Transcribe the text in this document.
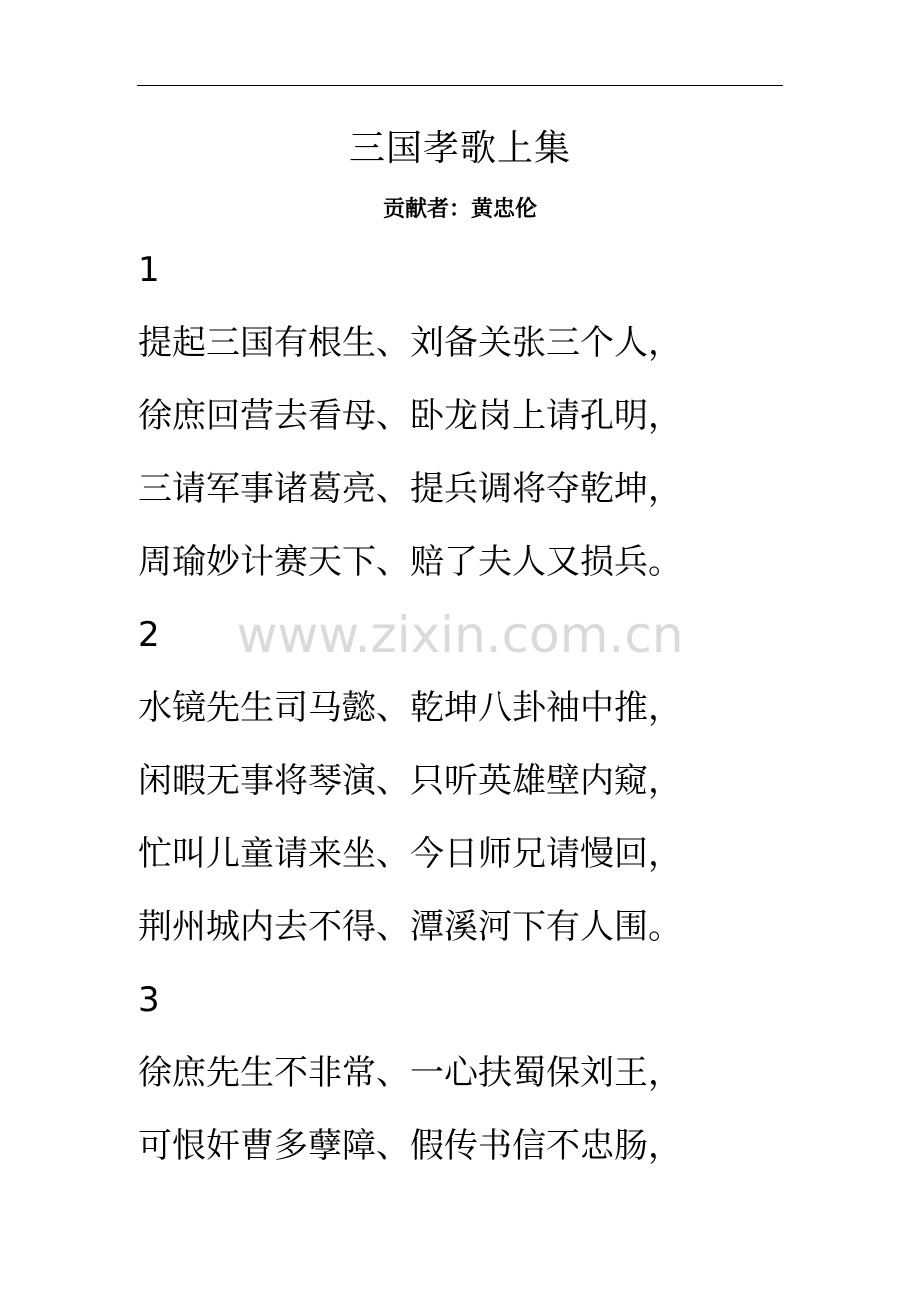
三国孝歌上集
贡献者：黄忠伦
www.zixin.com.cn
1
提起三国有根生、刘备关张三个人，
徐庶回营去看母、卧龙岗上请孔明，
三请军事诸葛亮、提兵调将夺乾坤，
周瑜妙计赛天下、赔了夫人又损兵。
2
水镜先生司马懿、乾坤八卦袖中推，
闲暇无事将琴演、只听英雄壁内窥，
忙叫儿童请来坐、今日师兄请慢回，
荆州城内去不得、潭溪河下有人围。
3
徐庶先生不非常、一心扶蜀保刘王，
可恨奸曹多孽障、假传书信不忠肠，
